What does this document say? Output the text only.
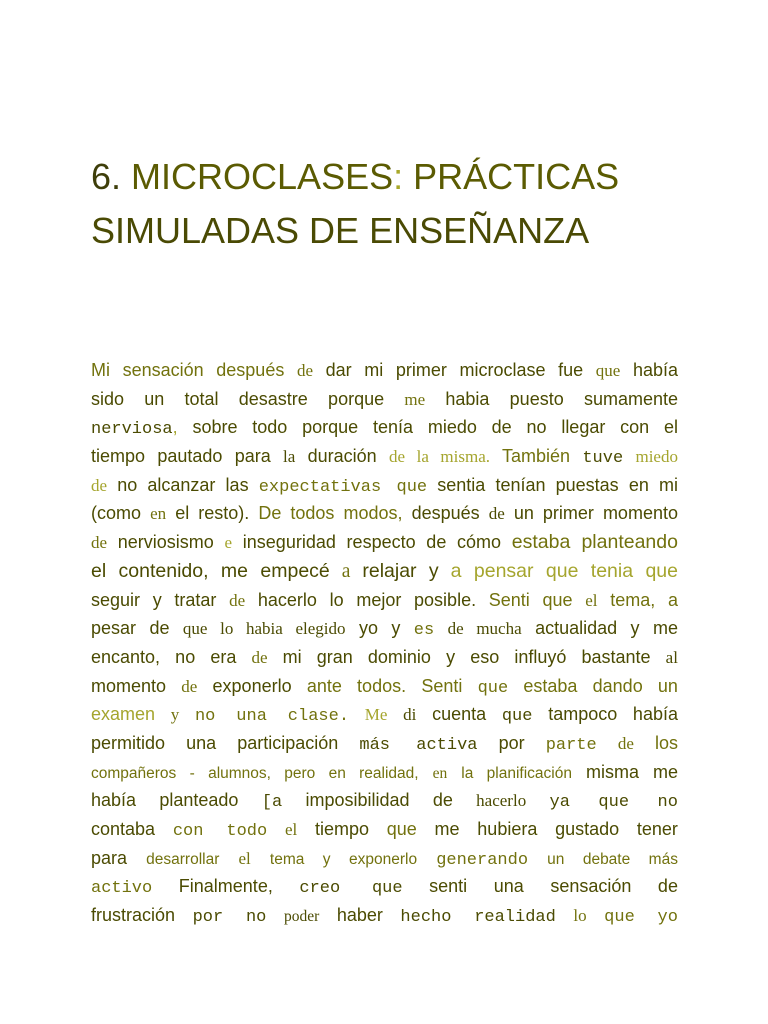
6. MICROCLASES: PRÁCTICAS
SIMULADAS DE ENSEÑANZA
Mi sensación después de dar mi primer microclase fue que había
sido un total desastre porque me habia puesto sumamente
nerviosa, sobre todo porque tenía miedo de no llegar con el
tiempo pautado para la duración de la misma. También tuve miedo
de no alcanzar las expectativas que sentia tenían puestas en mi
(como en el resto). De todos modos, después de un primer momento
de nerviosismo e inseguridad respecto de cómo estaba planteando
el contenido, me empecé a relajar y a pensar que tenia que
seguir y tratar de hacerlo lo mejor posible. Senti que el tema, a
pesar de que lo habia elegido yo y es de mucha actualidad y me
encanto, no era de mi gran dominio y eso influyó bastante al
momento de exponerlo ante todos. Senti que estaba dando un
examen y no una clase. Me di cuenta que tampoco había
permitido una participación más activa por parte de los
compañeros - alumnos, pero en realidad, en la planificación misma me
había planteado [a imposibilidad de hacerlo ya que no
contaba con todo el tiempo que me hubiera gustado tener
para desarrollar el tema y exponerlo generando un debate más
activo Finalmente, creo que senti una sensación de
frustración por no poder haber hecho realidad lo que yo
